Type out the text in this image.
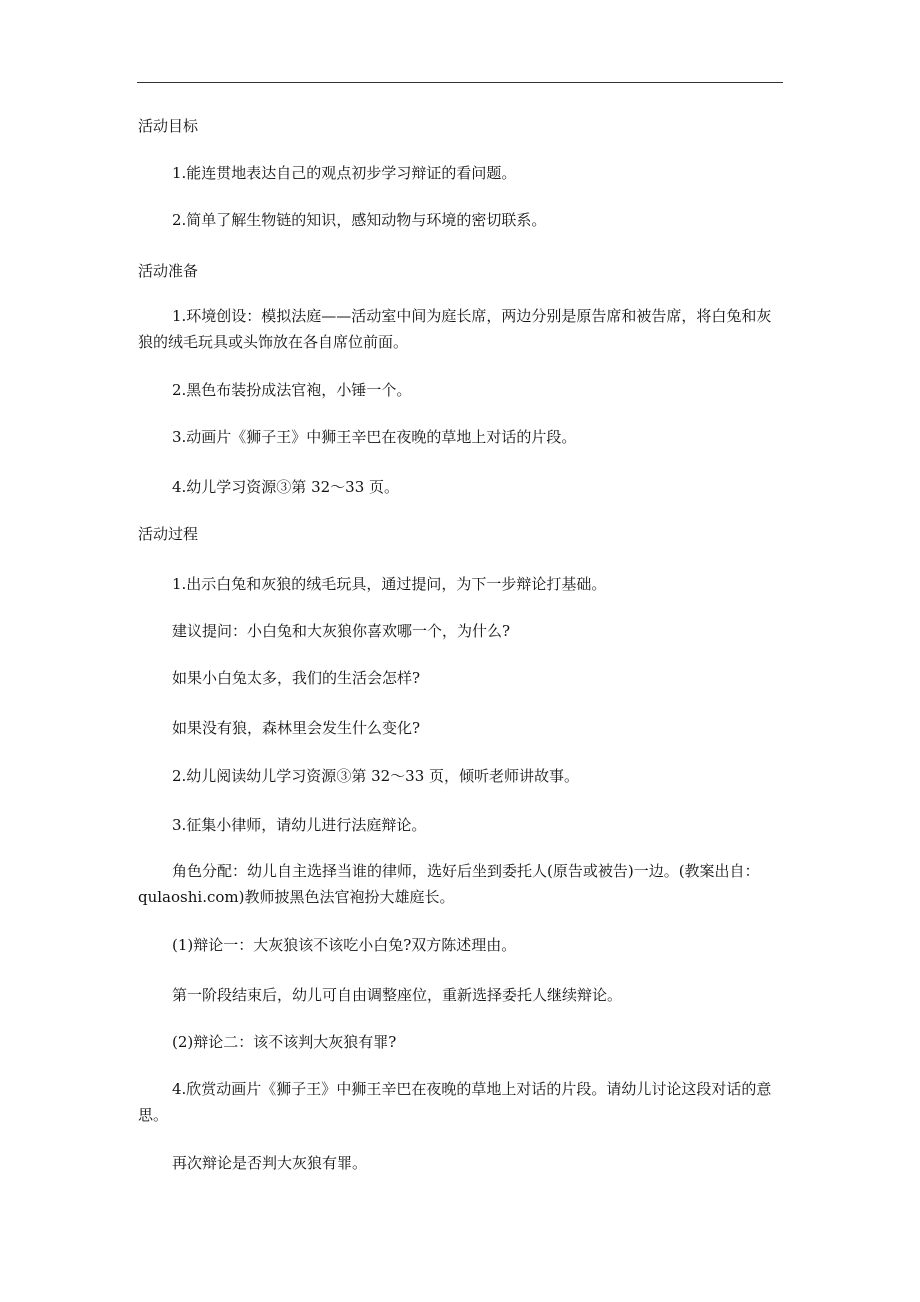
活动目标
1.能连贯地表达自己的观点初步学习辩证的看问题。
2.简单了解生物链的知识，感知动物与环境的密切联系。
活动准备
1.环境创设：模拟法庭——活动室中间为庭长席，两边分别是原告席和被告席，将白兔和灰狼的绒毛玩具或头饰放在各自席位前面。
2.黑色布装扮成法官袍，小锤一个。
3.动画片《狮子王》中狮王辛巴在夜晚的草地上对话的片段。
4.幼儿学习资源③第 32～33 页。
活动过程
1.出示白兔和灰狼的绒毛玩具，通过提问，为下一步辩论打基础。
建议提问：小白兔和大灰狼你喜欢哪一个，为什么?
如果小白兔太多，我们的生活会怎样?
如果没有狼，森林里会发生什么变化?
2.幼儿阅读幼儿学习资源③第 32～33 页，倾听老师讲故事。
3.征集小律师，请幼儿进行法庭辩论。
角色分配：幼儿自主选择当谁的律师，选好后坐到委托人(原告或被告)一边。(教案出自：qulaoshi.com)教师披黑色法官袍扮大雄庭长。
(1)辩论一：大灰狼该不该吃小白兔?双方陈述理由。
第一阶段结束后，幼儿可自由调整座位，重新选择委托人继续辩论。
(2)辩论二：该不该判大灰狼有罪?
4.欣赏动画片《狮子王》中狮王辛巴在夜晚的草地上对话的片段。请幼儿讨论这段对话的意思。
再次辩论是否判大灰狼有罪。
